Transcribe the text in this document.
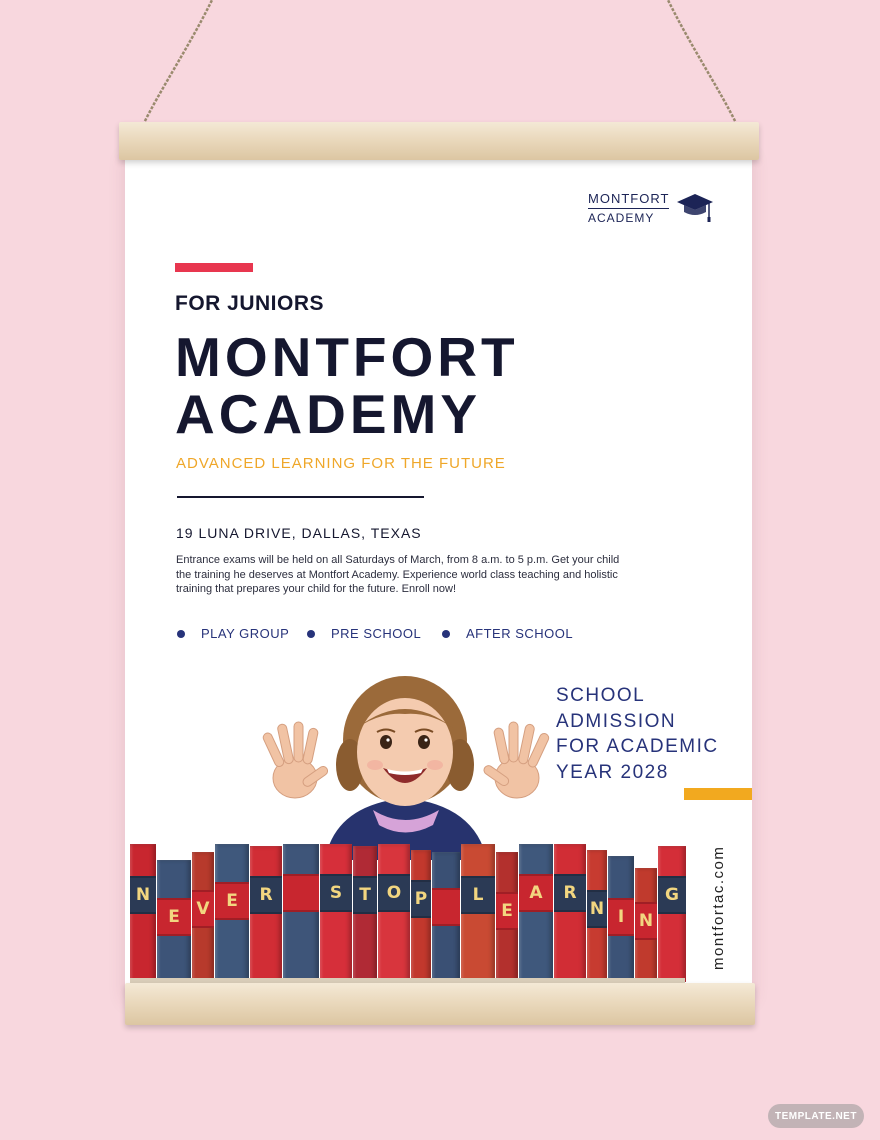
MONTFORT
ACADEMY
FOR JUNIORS
MONTFORT
ACADEMY
ADVANCED LEARNING FOR THE FUTURE
19 LUNA DRIVE, DALLAS, TEXAS
Entrance exams will be held on all Saturdays of March, from 8 a.m. to 5 p.m. Get your child the training he deserves at Montfort Academy. Experience world class teaching and holistic training that prepares your child for the future. Enroll now!
PLAY GROUP	PRE SCHOOL	AFTER SCHOOL
SCHOOL
ADMISSION
FOR ACADEMIC
YEAR 2028
montfortac.com
N
E V E	R	S	T O P	L
E
A	R
N I N
G
TEMPLATE.NET
